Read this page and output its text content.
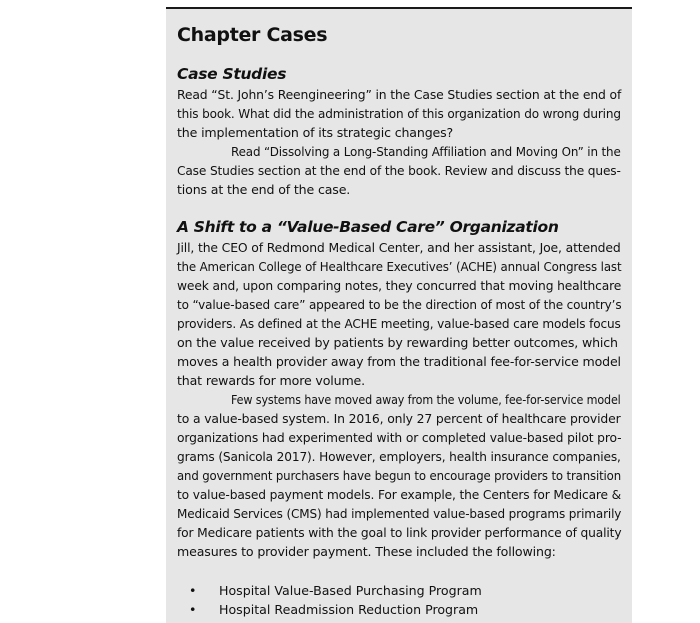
Chapter Cases
Case Studies
Read “St. John’s Reengineering” in the Case Studies section at the end of
this book. What did the administration of this organization do wrong during
the implementation of its strategic changes?
Read “Dissolving a Long-Standing Affiliation and Moving On” in the
Case Studies section at the end of the book. Review and discuss the ques-
tions at the end of the case.
A Shift to a “Value-Based Care” Organization
Jill, the CEO of Redmond Medical Center, and her assistant, Joe, attended
the American College of Healthcare Executives’ (ACHE) annual Congress last
week and, upon comparing notes, they concurred that moving healthcare
to “value-based care” appeared to be the direction of most of the country’s
providers. As defined at the ACHE meeting, value-based care models focus
on the value received by patients by rewarding better outcomes, which
moves a health provider away from the traditional fee-for-service model
that rewards for more volume.
Few systems have moved away from the volume, fee-for-service model
to a value-based system. In 2016, only 27 percent of healthcare provider
organizations had experimented with or completed value-based pilot pro-
grams (Sanicola 2017). However, employers, health insurance companies,
and government purchasers have begun to encourage providers to transition
to value-based payment models. For example, the Centers for Medicare &
Medicaid Services (CMS) had implemented value-based programs primarily
for Medicare patients with the goal to link provider performance of quality
measures to provider payment. These included the following:
• Hospital Value-Based Purchasing Program
• Hospital Readmission Reduction Program
